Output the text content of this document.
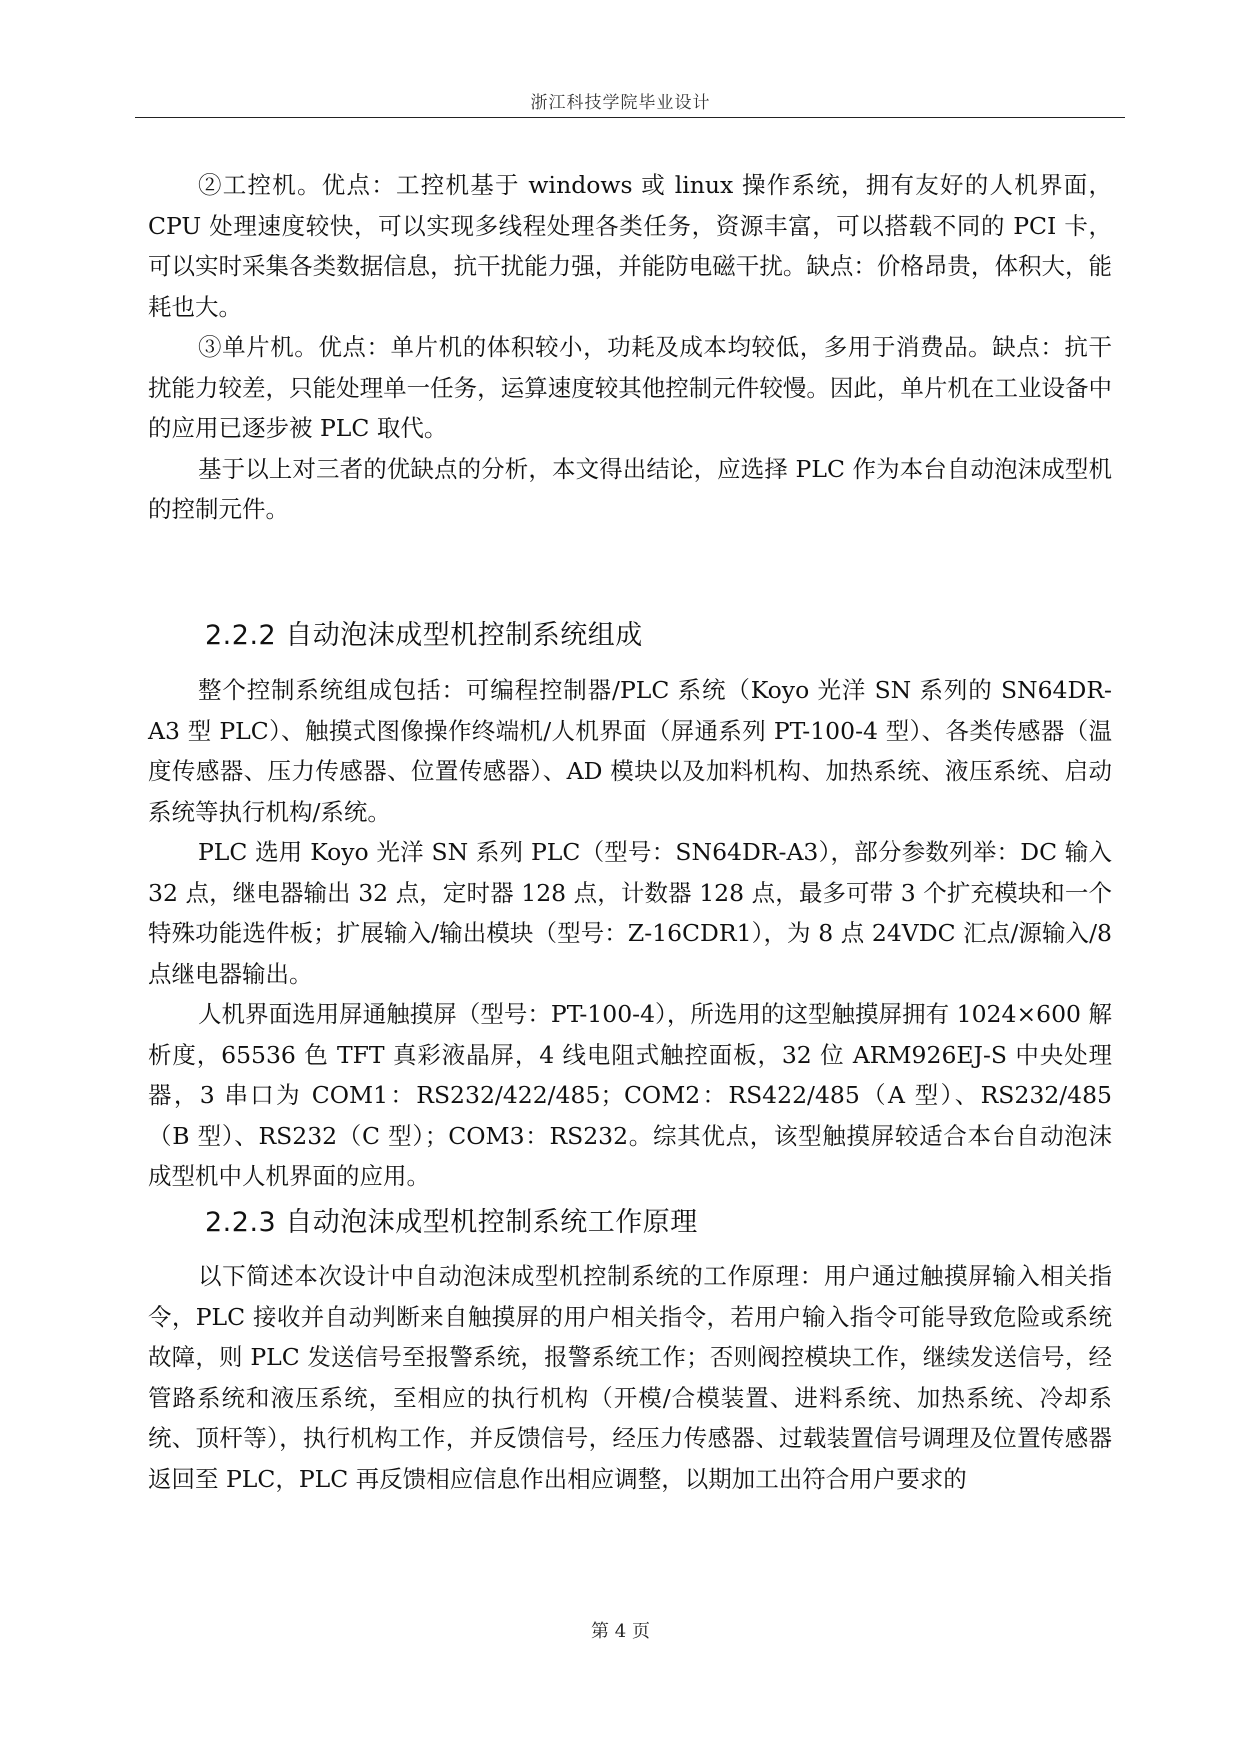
浙江科技学院毕业设计

②工控机。优点：工控机基于 windows 或 linux 操作系统，拥有友好的人机界面，CPU 处理速度较快，可以实现多线程处理各类任务，资源丰富，可以搭载不同的 PCI 卡，可以实时采集各类数据信息，抗干扰能力强，并能防电磁干扰。缺点：价格昂贵，体积大，能耗也大。

③单片机。优点：单片机的体积较小，功耗及成本均较低，多用于消费品。缺点：抗干扰能力较差，只能处理单一任务，运算速度较其他控制元件较慢。因此，单片机在工业设备中的应用已逐步被 PLC 取代。

基于以上对三者的优缺点的分析，本文得出结论，应选择 PLC 作为本台自动泡沫成型机的控制元件。

2.2.2 自动泡沫成型机控制系统组成

整个控制系统组成包括：可编程控制器/PLC 系统（Koyo 光洋 SN 系列的 SN64DR-A3 型 PLC）、触摸式图像操作终端机/人机界面（屏通系列 PT-100-4 型）、各类传感器（温度传感器、压力传感器、位置传感器）、AD 模块以及加料机构、加热系统、液压系统、启动系统等执行机构/系统。

PLC 选用 Koyo 光洋 SN 系列 PLC（型号：SN64DR-A3），部分参数列举：DC 输入 32 点，继电器输出 32 点，定时器 128 点，计数器 128 点，最多可带 3 个扩充模块和一个特殊功能选件板；扩展输入/输出模块（型号：Z-16CDR1），为 8 点 24VDC 汇点/源输入/8 点继电器输出。

人机界面选用屏通触摸屏（型号：PT-100-4），所选用的这型触摸屏拥有 1024×600 解析度，65536 色 TFT 真彩液晶屏，4 线电阻式触控面板，32 位 ARM926EJ-S 中央处理器，3 串口为 COM1：RS232/422/485；COM2：RS422/485（A 型）、RS232/485（B 型）、RS232（C 型）；COM3：RS232。综其优点，该型触摸屏较适合本台自动泡沫成型机中人机界面的应用。

2.2.3 自动泡沫成型机控制系统工作原理

以下简述本次设计中自动泡沫成型机控制系统的工作原理：用户通过触摸屏输入相关指令，PLC 接收并自动判断来自触摸屏的用户相关指令，若用户输入指令可能导致危险或系统故障，则 PLC 发送信号至报警系统，报警系统工作；否则阀控模块工作，继续发送信号，经管路系统和液压系统，至相应的执行机构（开模/合模装置、进料系统、加热系统、冷却系统、顶杆等），执行机构工作，并反馈信号，经压力传感器、过载装置信号调理及位置传感器返回至 PLC，PLC 再反馈相应信息作出相应调整，以期加工出符合用户要求的

第 4 页
